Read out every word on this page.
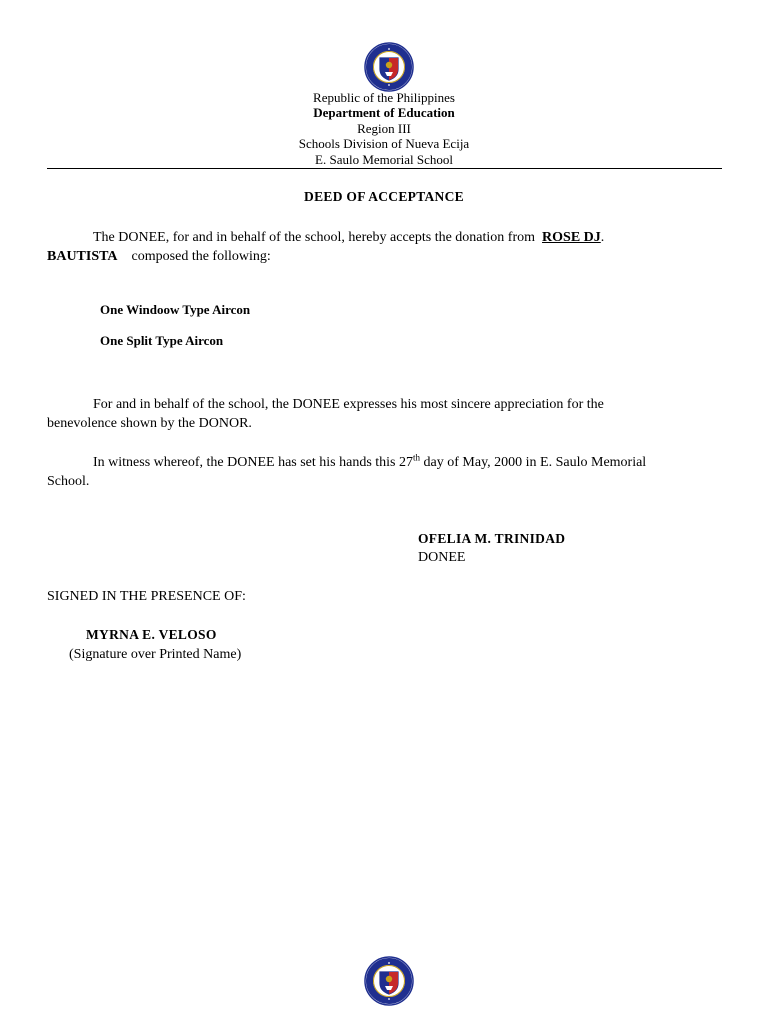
Republic of the Philippines
Department of Education
Region III
Schools Division of Nueva Ecija
E. Saulo Memorial School
DEED OF ACCEPTANCE
The DONEE, for and in behalf of the school, hereby accepts the donation from ROSE DJ.
BAUTISTA composed the following:
One Windoow Type Aircon
One Split Type Aircon
For and in behalf of the school, the DONEE expresses his most sincere appreciation for the
benevolence shown by the DONOR.
In witness whereof, the DONEE has set his hands this 27th day of May, 2000 in E. Saulo Memorial
School.
OFELIA M. TRINIDAD
DONEE
SIGNED IN THE PRESENCE OF:
MYRNA E. VELOSO
(Signature over Printed Name)
